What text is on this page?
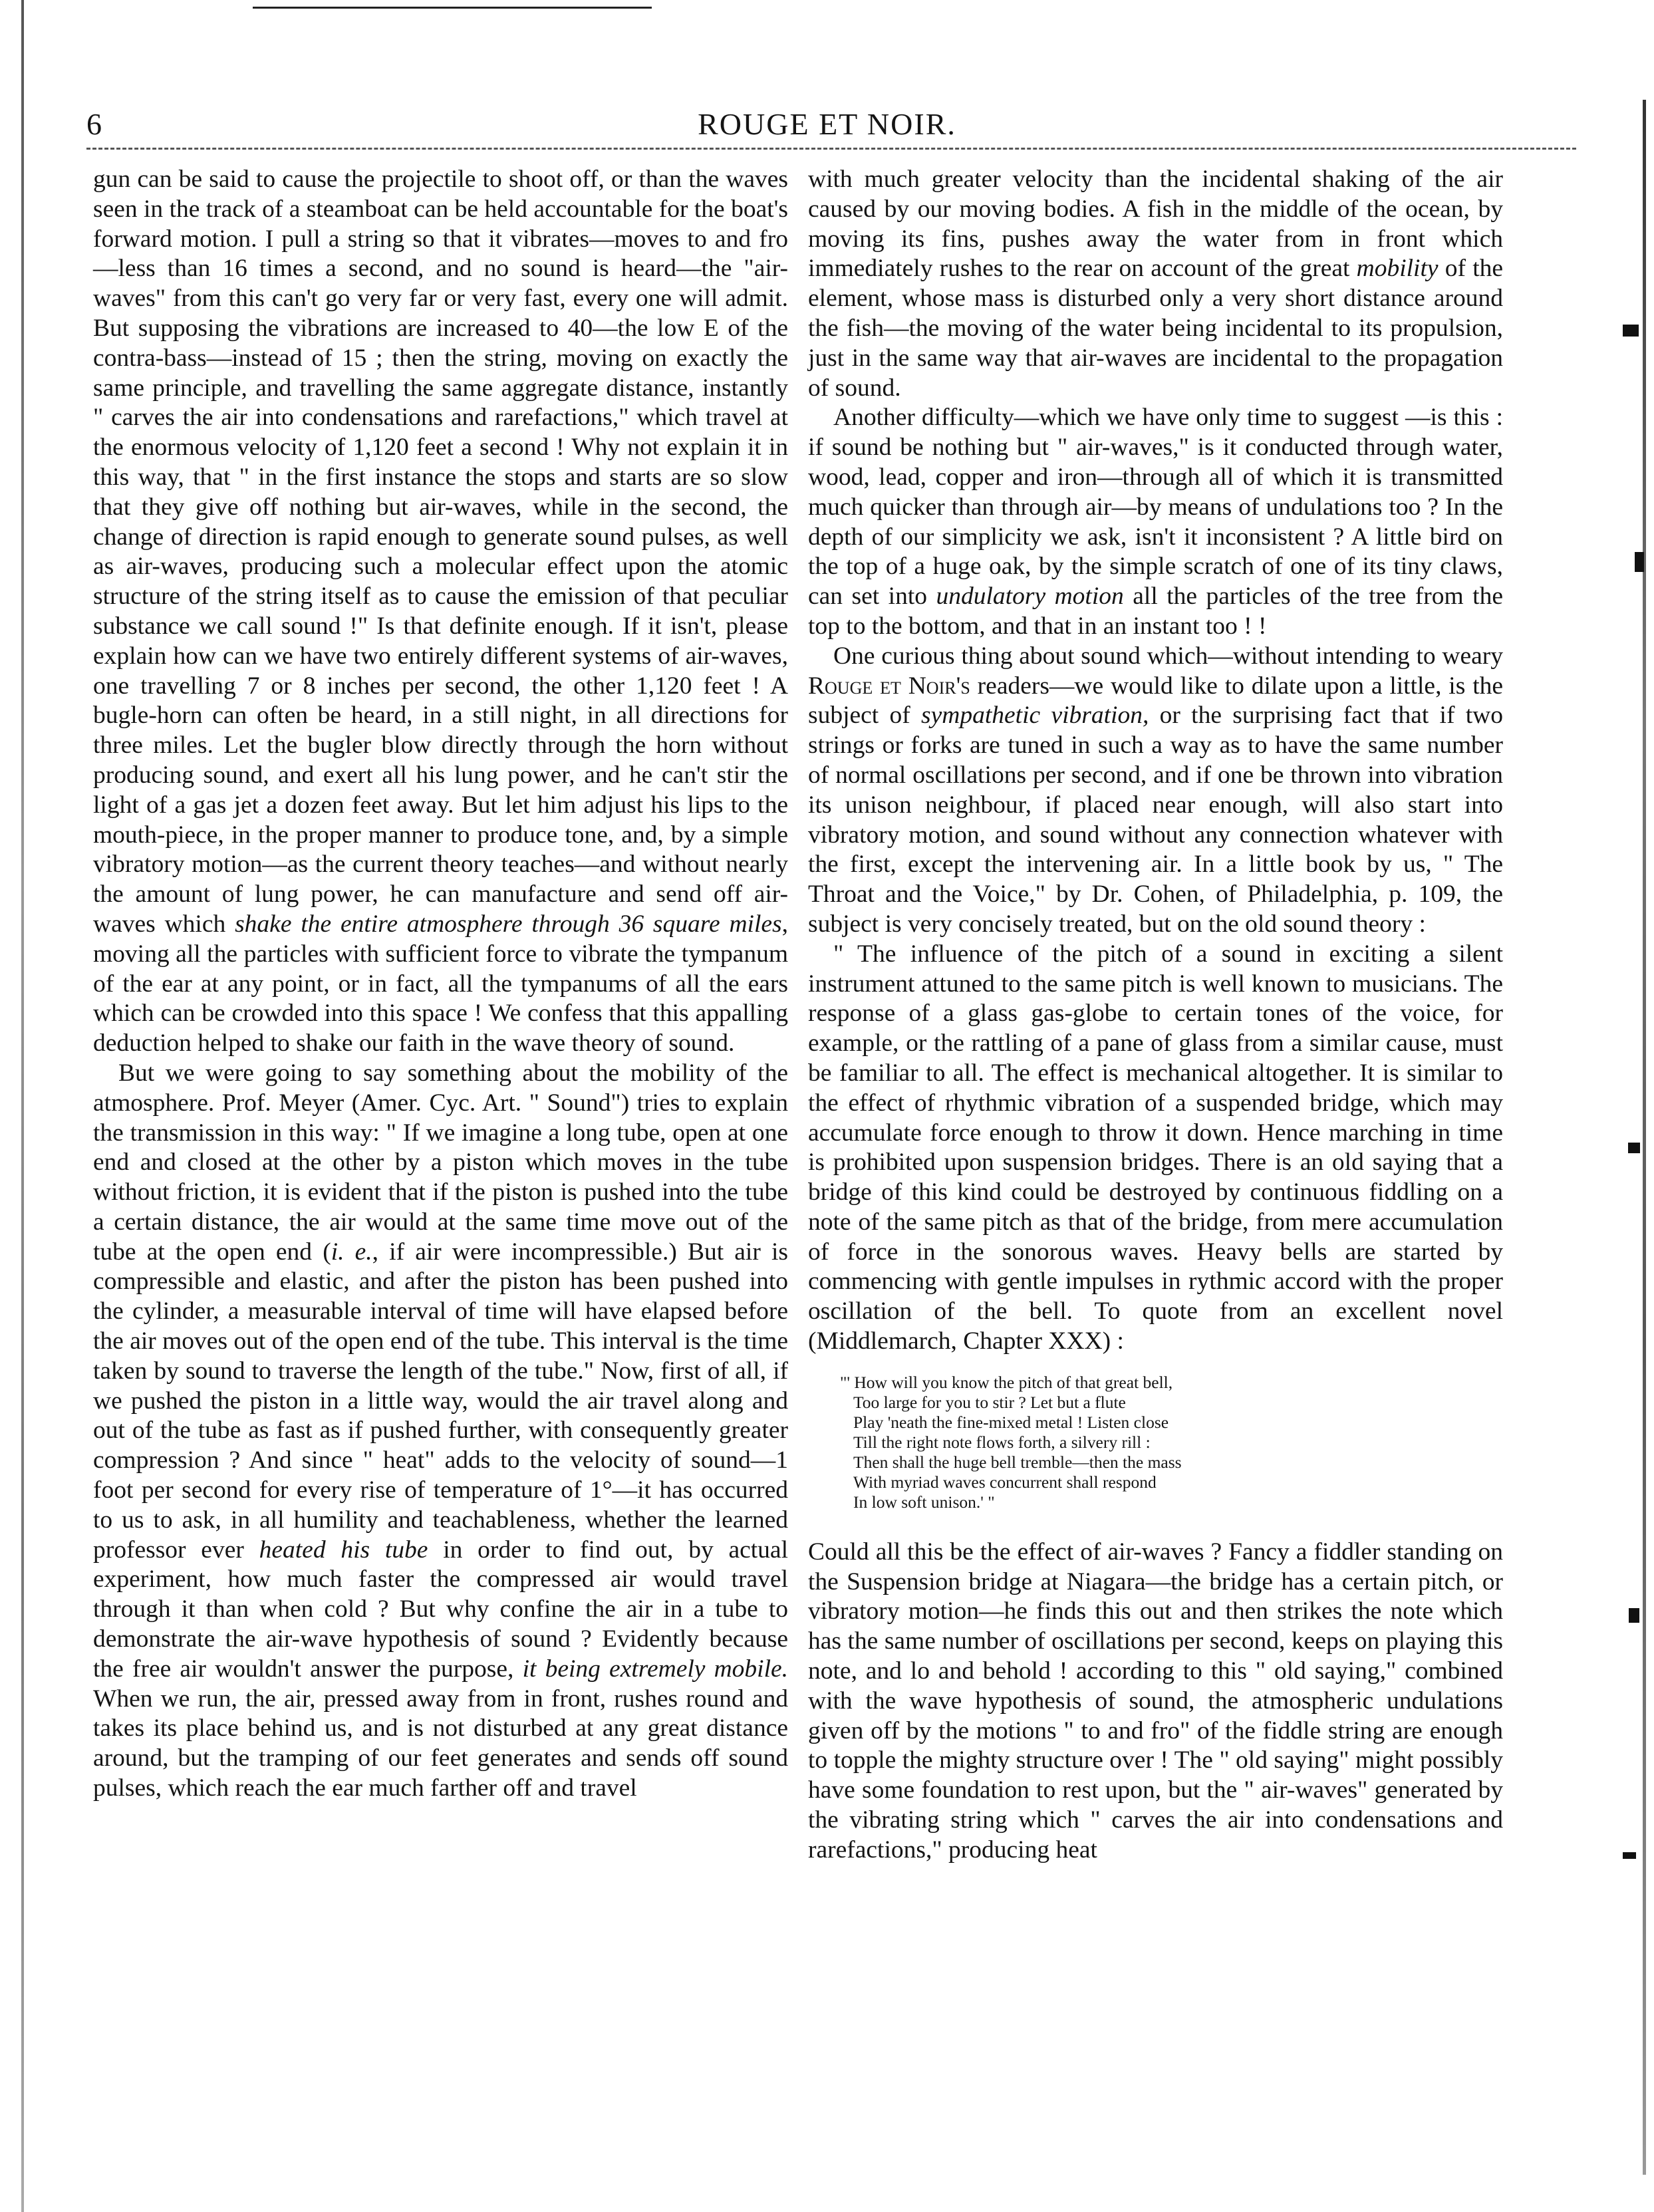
6	ROUGE ET NOIR.

gun can be said to cause the projectile to shoot off, or than the waves seen in the track of a steamboat can be held accountable for the boat's forward motion. I pull a string so that it vibrates—moves to and fro—less than 16 times a second, and no sound is heard—the "air-waves" from this can't go very far or very fast, every one will admit. But supposing the vibrations are increased to 40—the low E of the contra-bass—instead of 15 ; then the string, moving on exactly the same principle, and travelling the same aggregate distance, instantly " carves the air into condensations and rarefactions," which travel at the enormous velocity of 1,120 feet a second ! Why not explain it in this way, that " in the first instance the stops and starts are so slow that they give off nothing but air-waves, while in the second, the change of direction is rapid enough to generate sound pulses, as well as air-waves, producing such a molecular effect upon the atomic structure of the string itself as to cause the emission of that peculiar substance we call sound !" Is that definite enough. If it isn't, please explain how can we have two entirely different systems of air-waves, one travelling 7 or 8 inches per second, the other 1,120 feet ! A bugle-horn can often be heard, in a still night, in all directions for three miles. Let the bugler blow directly through the horn without producing sound, and exert all his lung power, and he can't stir the light of a gas jet a dozen feet away. But let him adjust his lips to the mouth-piece, in the proper manner to produce tone, and, by a simple vibratory motion—as the current theory teaches—and without nearly the amount of lung power, he can manufacture and send off air-waves which shake the entire atmosphere through 36 square miles, moving all the particles with sufficient force to vibrate the tympanum of the ear at any point, or in fact, all the tympanums of all the ears which can be crowded into this space ! We confess that this appalling deduction helped to shake our faith in the wave theory of sound.

But we were going to say something about the mobility of the atmosphere. Prof. Meyer (Amer. Cyc. Art. " Sound") tries to explain the transmission in this way: " If we imagine a long tube, open at one end and closed at the other by a piston which moves in the tube without friction, it is evident that if the piston is pushed into the tube a certain distance, the air would at the same time move out of the tube at the open end (i. e., if air were incompressible.) But air is compressible and elastic, and after the piston has been pushed into the cylinder, a measurable interval of time will have elapsed before the air moves out of the open end of the tube. This interval is the time taken by sound to traverse the length of the tube." Now, first of all, if we pushed the piston in a little way, would the air travel along and out of the tube as fast as if pushed further, with consequently greater compression ? And since " heat" adds to the velocity of sound—1 foot per second for every rise of temperature of 1°—it has occurred to us to ask, in all humility and teachableness, whether the learned professor ever heated his tube in order to find out, by actual experiment, how much faster the compressed air would travel through it than when cold ? But why confine the air in a tube to demonstrate the air-wave hypothesis of sound ? Evidently because the free air wouldn't answer the purpose, it being extremely mobile. When we run, the air, pressed away from in front, rushes round and takes its place behind us, and is not disturbed at any great distance around, but the tramping of our feet generates and sends off sound pulses, which reach the ear much farther off and travel

with much greater velocity than the incidental shaking of the air caused by our moving bodies. A fish in the middle of the ocean, by moving its fins, pushes away the water from in front which immediately rushes to the rear on account of the great mobility of the element, whose mass is disturbed only a very short distance around the fish—the moving of the water being incidental to its propulsion, just in the same way that air-waves are incidental to the propagation of sound.

Another difficulty—which we have only time to suggest —is this : if sound be nothing but " air-waves," is it conducted through water, wood, lead, copper and iron—through all of which it is transmitted much quicker than through air—by means of undulations too ? In the depth of our simplicity we ask, isn't it inconsistent ? A little bird on the top of a huge oak, by the simple scratch of one of its tiny claws, can set into undulatory motion all the particles of the tree from the top to the bottom, and that in an instant too ! !

One curious thing about sound which—without intending to weary Rouge et Noir's readers—we would like to dilate upon a little, is the subject of sympathetic vibration, or the surprising fact that if two strings or forks are tuned in such a way as to have the same number of normal oscillations per second, and if one be thrown into vibration its unison neighbour, if placed near enough, will also start into vibratory motion, and sound without any connection whatever with the first, except the intervening air. In a little book by us, " The Throat and the Voice," by Dr. Cohen, of Philadelphia, p. 109, the subject is very concisely treated, but on the old sound theory :

" The influence of the pitch of a sound in exciting a silent instrument attuned to the same pitch is well known to musicians. The response of a glass gas-globe to certain tones of the voice, for example, or the rattling of a pane of glass from a similar cause, must be familiar to all. The effect is mechanical altogether. It is similar to the effect of rhythmic vibration of a suspended bridge, which may accumulate force enough to throw it down. Hence marching in time is prohibited upon suspension bridges. There is an old saying that a bridge of this kind could be destroyed by continuous fiddling on a note of the same pitch as that of the bridge, from mere accumulation of force in the sonorous waves. Heavy bells are started by commencing with gentle impulses in rythmic accord with the proper oscillation of the bell. To quote from an excellent novel (Middlemarch, Chapter XXX) :

"' How will you know the pitch of that great bell,
Too large for you to stir ? Let but a flute
Play 'neath the fine-mixed metal ! Listen close
Till the right note flows forth, a silvery rill :
Then shall the huge bell tremble—then the mass
With myriad waves concurrent shall respond
In low soft unison.' "

Could all this be the effect of air-waves ? Fancy a fiddler standing on the Suspension bridge at Niagara—the bridge has a certain pitch, or vibratory motion—he finds this out and then strikes the note which has the same number of oscillations per second, keeps on playing this note, and lo and behold ! according to this " old saying," combined with the wave hypothesis of sound, the atmospheric undulations given off by the motions " to and fro" of the fiddle string are enough to topple the mighty structure over ! The " old saying" might possibly have some foundation to rest upon, but the " air-waves" generated by the vibrating string which " carves the air into condensations and rarefactions," producing heat
